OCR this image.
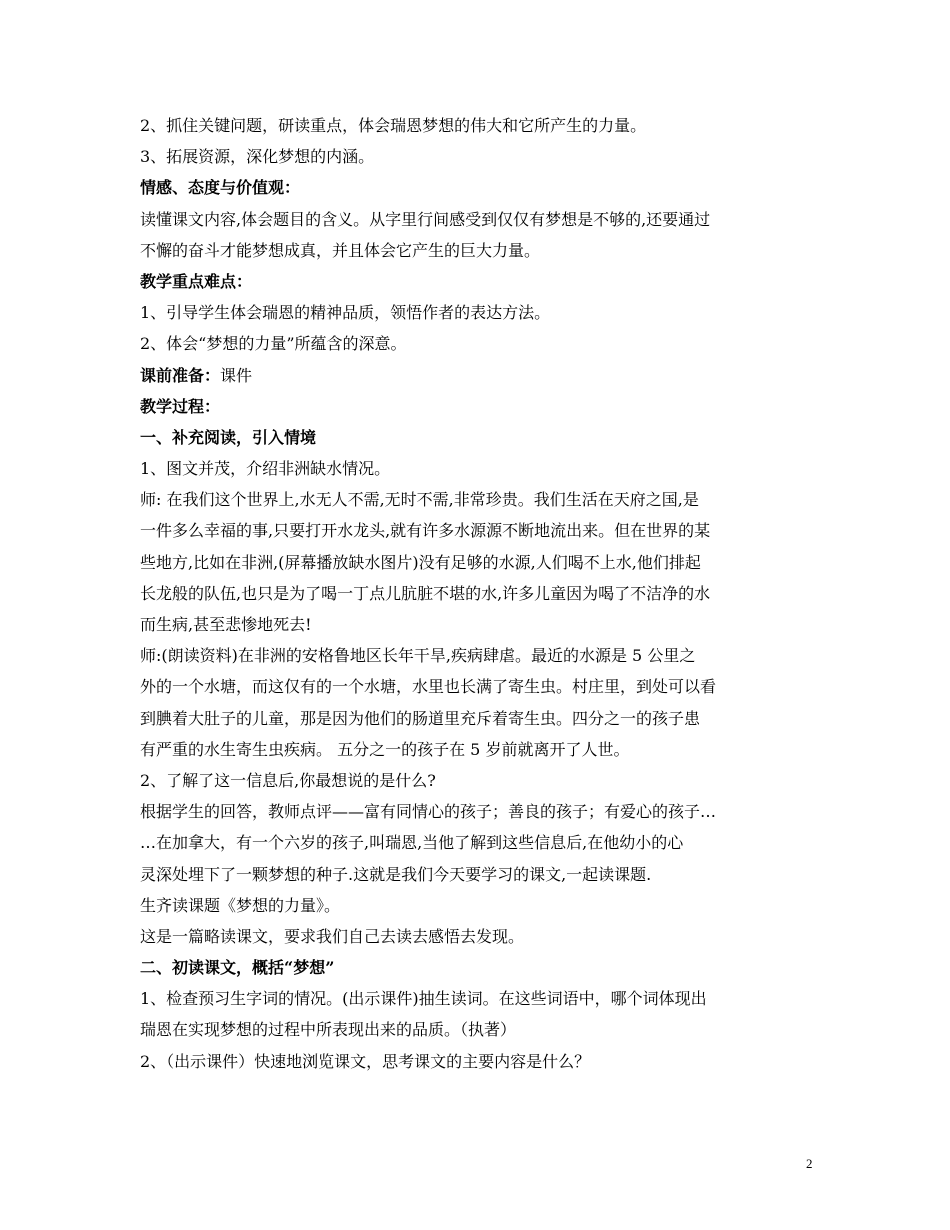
2、抓住关键问题，研读重点，体会瑞恩梦想的伟大和它所产生的力量。
3、拓展资源，深化梦想的内涵。
情感、态度与价值观：
读懂课文内容,体会题目的含义。从字里行间感受到仅仅有梦想是不够的,还要通过
不懈的奋斗才能梦想成真，并且体会它产生的巨大力量。
教学重点难点：
1、引导学生体会瑞恩的精神品质，领悟作者的表达方法。
2、体会“梦想的力量”所蕴含的深意。
课前准备：课件
教学过程：
一、补充阅读，引入情境
1、图文并茂，介绍非洲缺水情况。
师: 在我们这个世界上,水无人不需,无时不需,非常珍贵。我们生活在天府之国,是
一件多么幸福的事,只要打开水龙头,就有许多水源源不断地流出来。但在世界的某
些地方,比如在非洲,(屏幕播放缺水图片)没有足够的水源,人们喝不上水,他们排起
长龙般的队伍,也只是为了喝一丁点儿肮脏不堪的水,许多儿童因为喝了不洁净的水
而生病,甚至悲惨地死去!
师:(朗读资料)在非洲的安格鲁地区长年干旱,疾病肆虐。最近的水源是 5 公里之
外的一个水塘，而这仅有的一个水塘，水里也长满了寄生虫。村庄里，到处可以看
到腆着大肚子的儿童，那是因为他们的肠道里充斥着寄生虫。四分之一的孩子患
有严重的水生寄生虫疾病。 五分之一的孩子在 5 岁前就离开了人世。
2、了解了这一信息后,你最想说的是什么?
根据学生的回答，教师点评——富有同情心的孩子；善良的孩子；有爱心的孩子…
…在加拿大，有一个六岁的孩子,叫瑞恩,当他了解到这些信息后,在他幼小的心
灵深处埋下了一颗梦想的种子.这就是我们今天要学习的课文,一起读课题.
生齐读课题《梦想的力量》。
这是一篇略读课文，要求我们自己去读去感悟去发现。
二、初读课文，概括“梦想”
1、检查预习生字词的情况。(出示课件)抽生读词。在这些词语中，哪个词体现出
瑞恩在实现梦想的过程中所表现出来的品质。（执著）
2、（出示课件）快速地浏览课文，思考课文的主要内容是什么？
2
